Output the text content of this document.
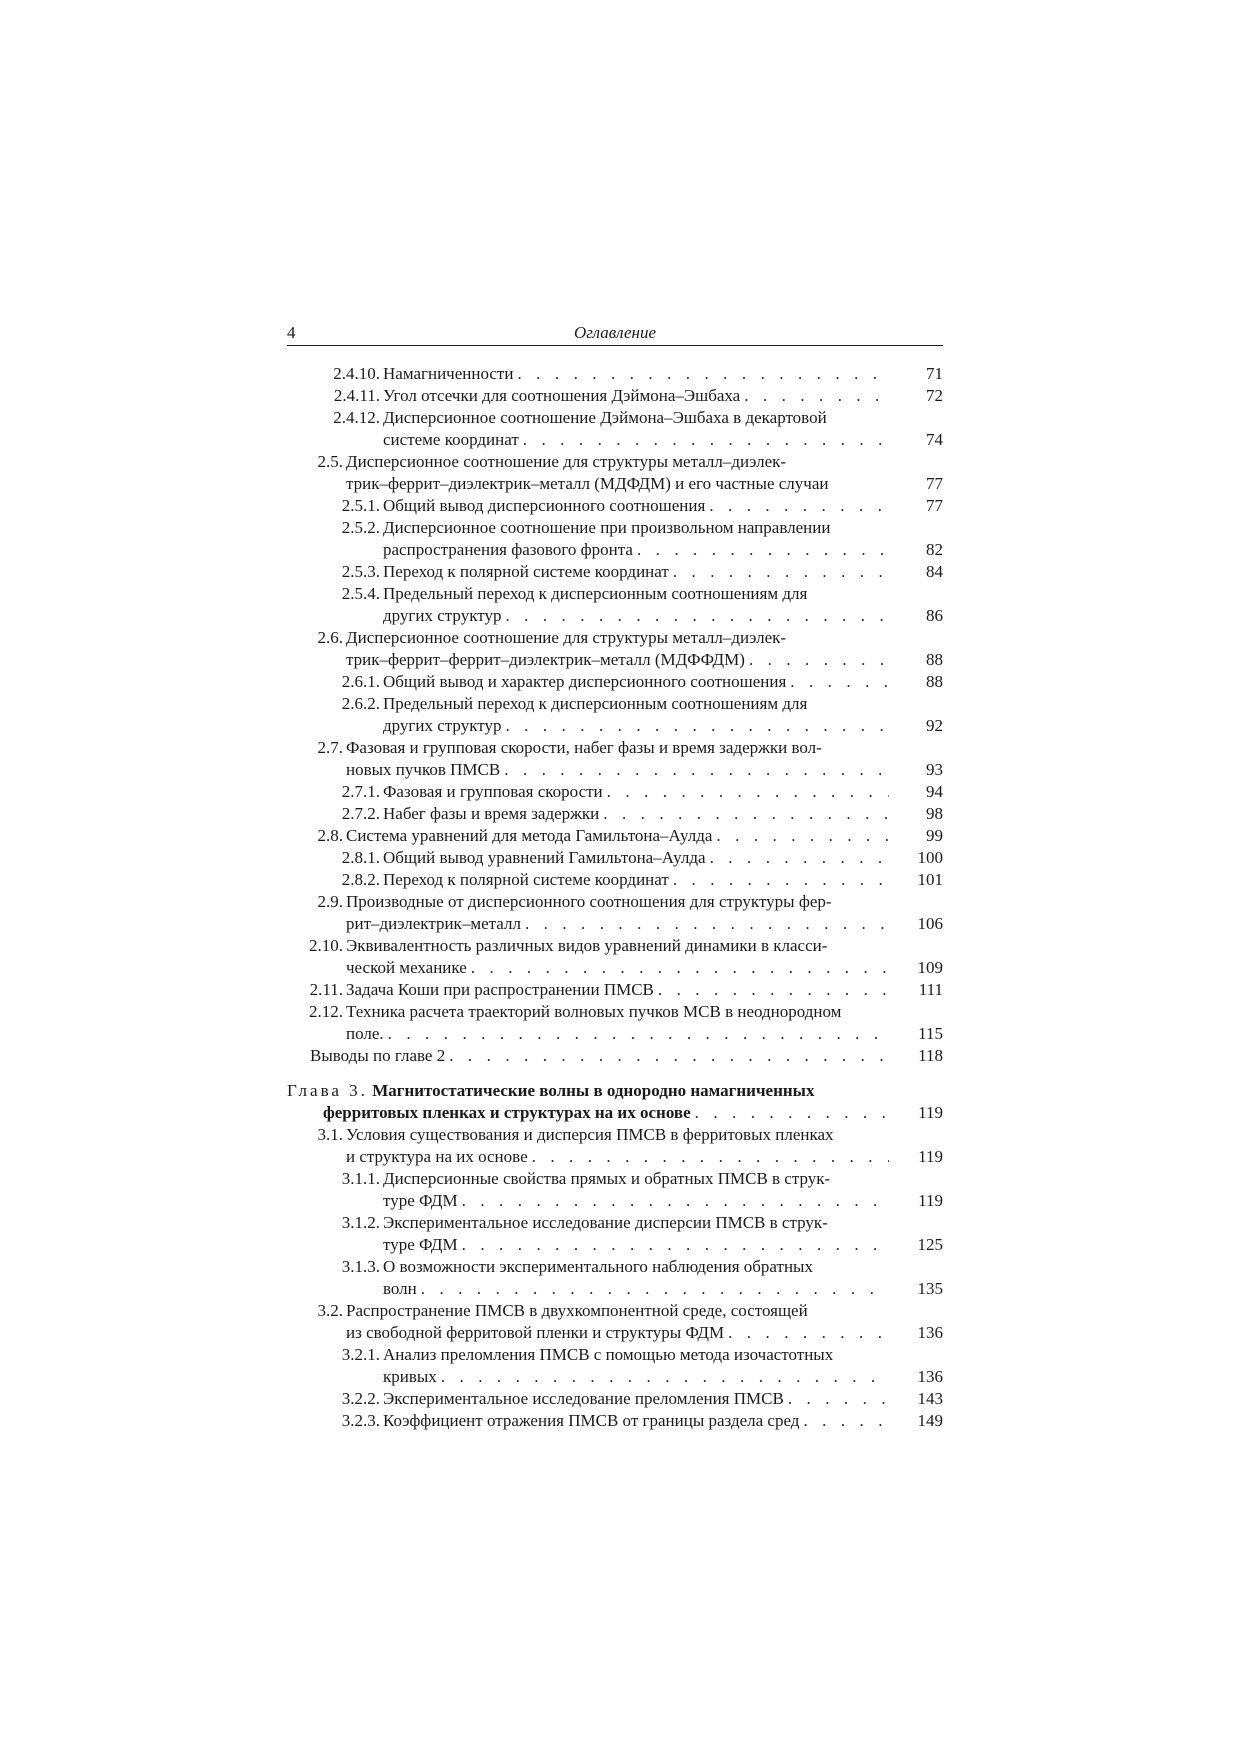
4	Оглавление
2.4.10. Намагниченности . . .	71
2.4.11. Угол отсечки для соотношения Дэймона–Эшбаха . . .	72
2.4.12. Дисперсионное соотношение Дэймона–Эшбаха в декартовой
системе координат . . .	74
2.5. Дисперсионное соотношение для структуры металл–диэлек-
трик–феррит–диэлектрик–металл (МДФДМ) и его частные случаи	77
2.5.1. Общий вывод дисперсионного соотношения . . .	77
2.5.2. Дисперсионное соотношение при произвольном направлении
распространения фазового фронта . . .	82
2.5.3. Переход к полярной системе координат . . .	84
2.5.4. Предельный переход к дисперсионным соотношениям для
других структур . . .	86
2.6. Дисперсионное соотношение для структуры металл–диэлек-
трик–феррит–феррит–диэлектрик–металл (МДФФДМ) . . .	88
2.6.1. Общий вывод и характер дисперсионного соотношения . . .	88
2.6.2. Предельный переход к дисперсионным соотношениям для
других структур . . .	92
2.7. Фазовая и групповая скорости, набег фазы и время задержки вол-
новых пучков ПМСВ . . .	93
2.7.1. Фазовая и групповая скорости . . .	94
2.7.2. Набег фазы и время задержки . . .	98
2.8. Система уравнений для метода Гамильтона–Аулда . . .	99
2.8.1. Общий вывод уравнений Гамильтона–Аулда . . .	100
2.8.2. Переход к полярной системе координат . . .	101
2.9. Производные от дисперсионного соотношения для структуры фер-
рит–диэлектрик–металл . . .	106
2.10. Эквивалентность различных видов уравнений динамики в класси-
ческой механике . . .	109
2.11. Задача Коши при распространении ПМСВ . . .	111
2.12. Техника расчета траекторий волновых пучков МСВ в неоднородном
поле. . . .	115
Выводы по главе 2 . . .	118
Глава 3.
Магнитостатические волны в однородно намагниченных
ферритовых пленках и структурах на их основе . . .	119
3.1. Условия существования и дисперсия ПМСВ в ферритовых пленках
и структура на их основе . . .	119
3.1.1. Дисперсионные свойства прямых и обратных ПМСВ в струк-
туре ФДМ . . .	119
3.1.2. Экспериментальное исследование дисперсии ПМСВ в струк-
туре ФДМ . . .	125
3.1.3. О возможности экспериментального наблюдения обратных
волн . . .	135
3.2. Распространение ПМСВ в двухкомпонентной среде, состоящей
из свободной ферритовой пленки и структуры ФДМ . . .	136
3.2.1. Анализ преломления ПМСВ с помощью метода изочастотных
кривых . . .	136
3.2.2. Экспериментальное исследование преломления ПМСВ . . .	143
3.2.3. Коэффициент отражения ПМСВ от границы раздела сред . . .	149
